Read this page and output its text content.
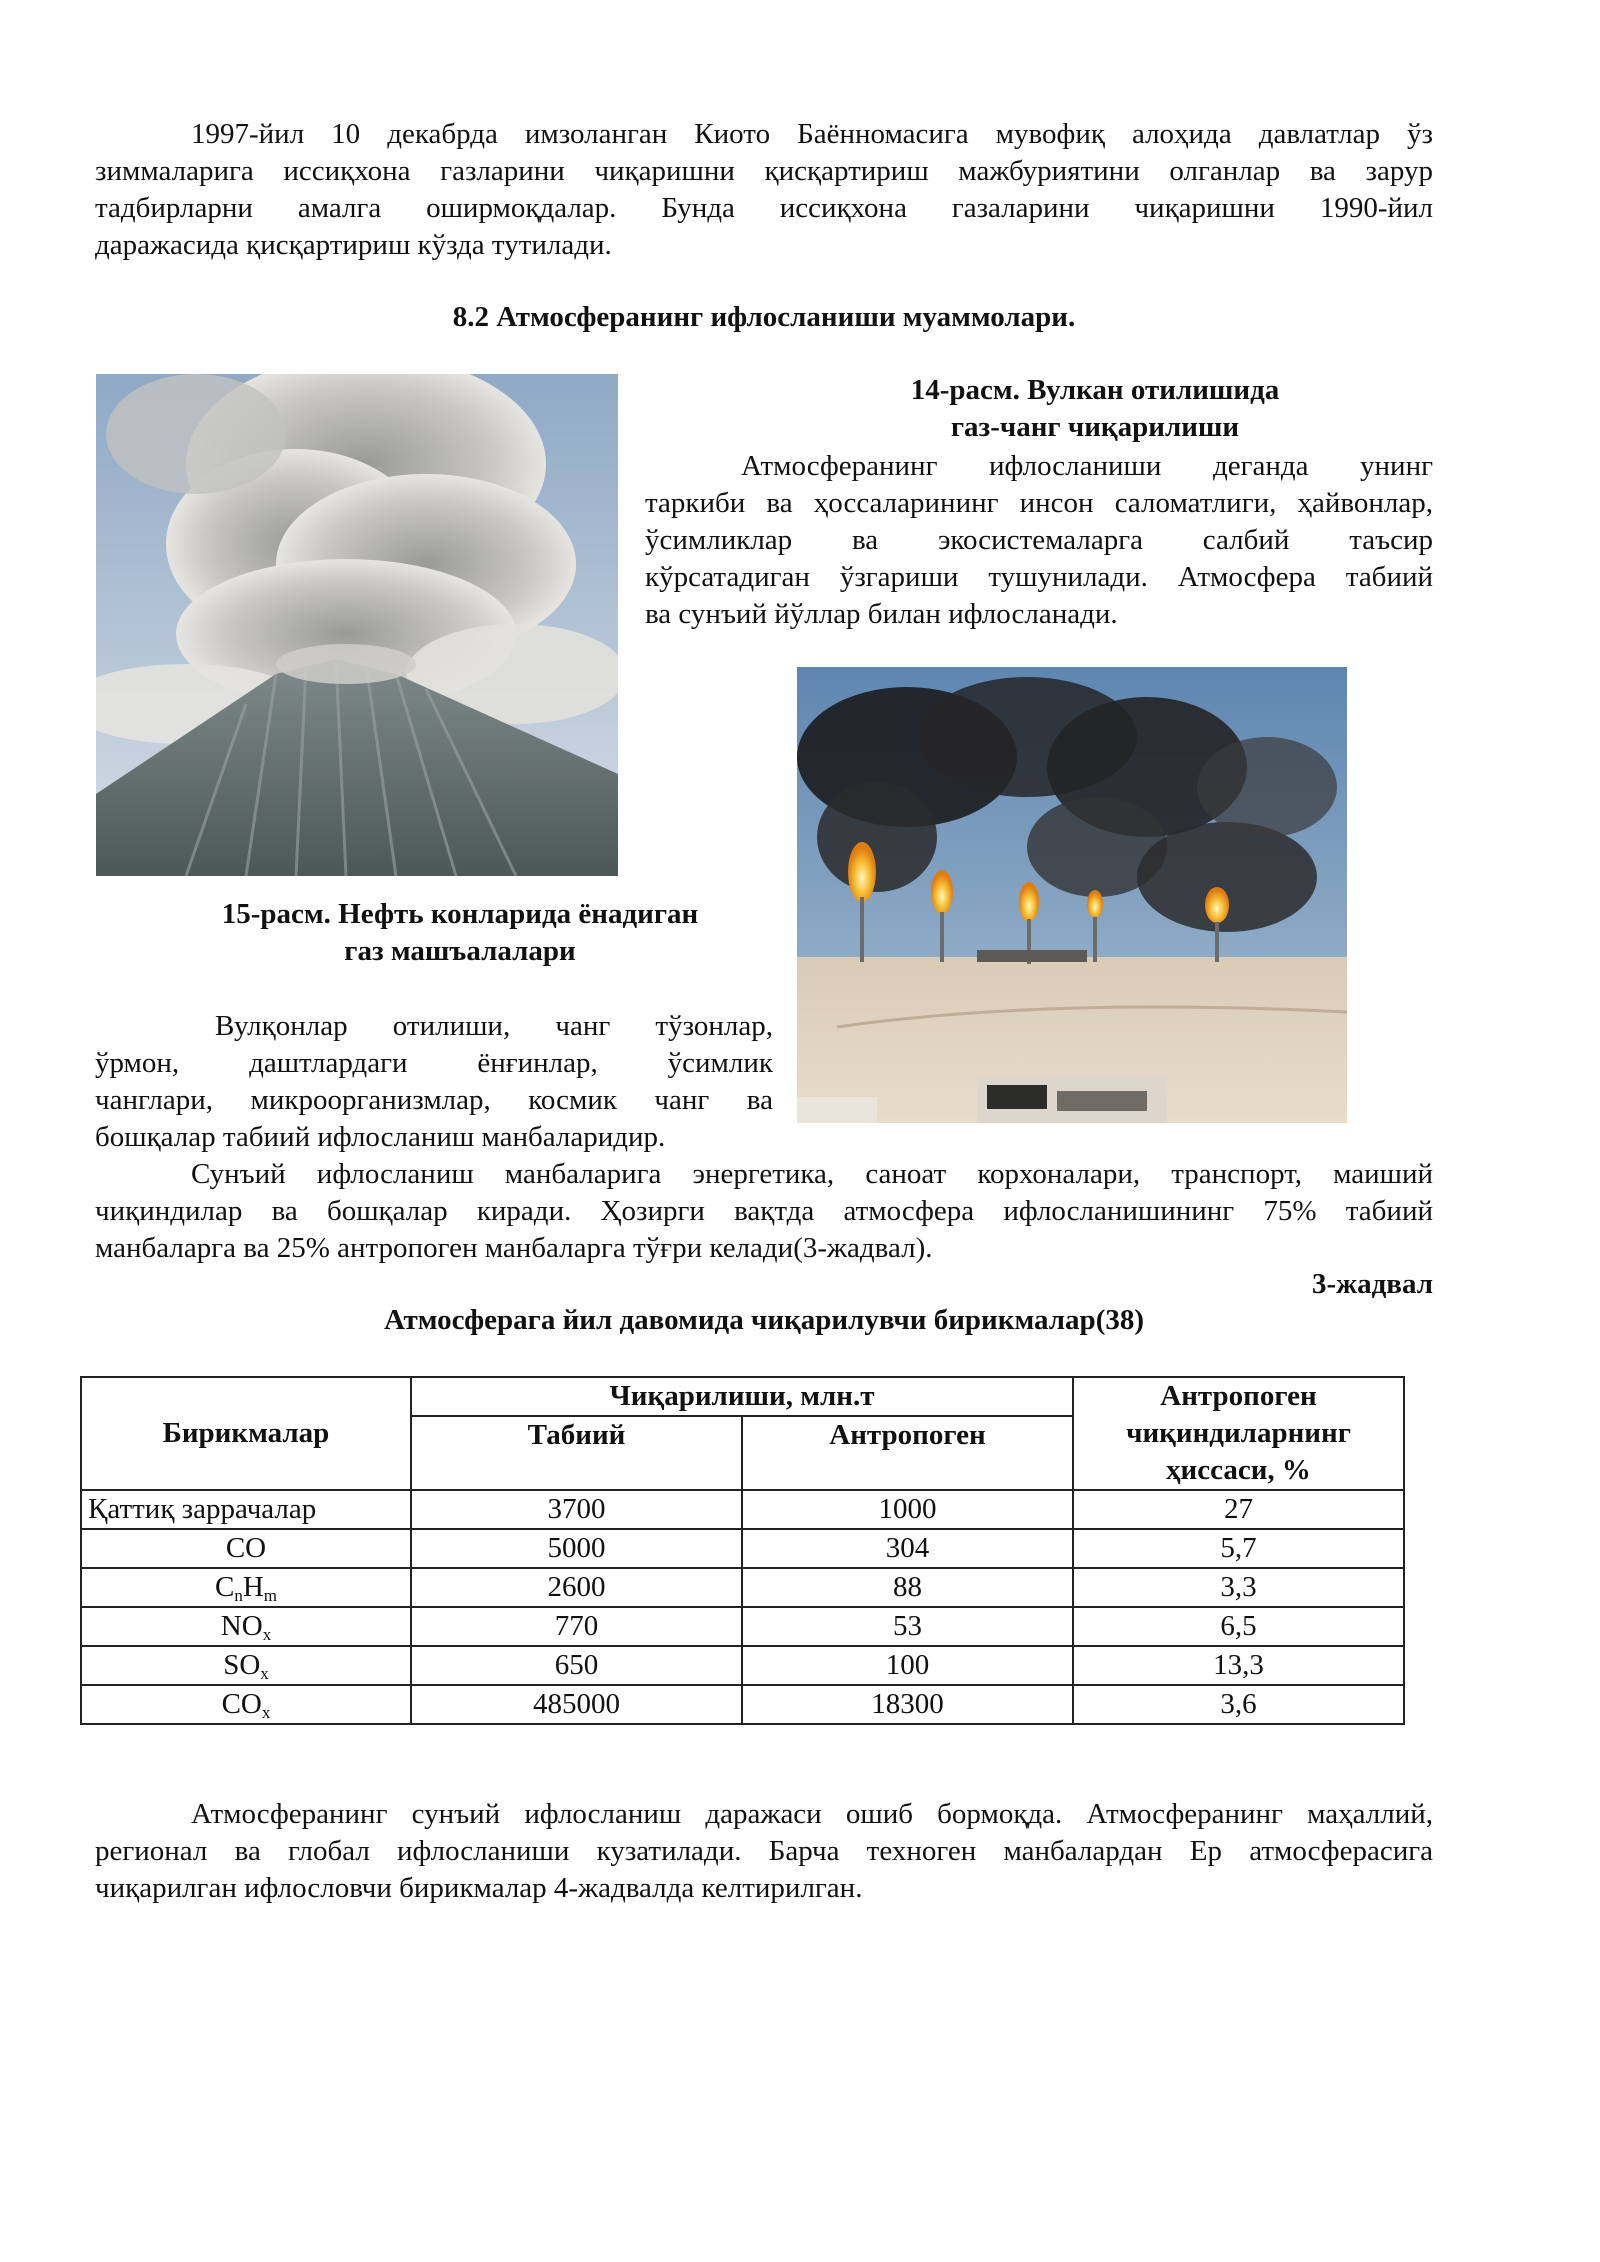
1997-йил 10 декабрда имзоланган Киото Баённомасига мувофиқ алоҳида давлатлар ўз
зиммаларига иссиқхона газларини чиқаришни қисқартириш мажбуриятини олганлар ва зарур
тадбирларни амалга оширмоқдалар. Бунда иссиқхона газаларини чиқаришни 1990-йил
даражасида қисқартириш кўзда тутилади.

8.2 Атмосферанинг ифлосланиши муаммолари.

14-расм. Вулкан отилишида
газ-чанг чиқарилиши
Атмосферанинг ифлосланиши деганда унинг
таркиби ва ҳоссаларининг инсон саломатлиги, ҳайвонлар,
ўсимликлар ва экосистемаларга салбий таъсир
кўрсатадиган ўзгариши тушунилади. Атмосфера табиий
ва сунъий йўллар билан ифлосланади.
15-расм. Нефть конларида ёнадиган
газ машъалалари
Вулқонлар отилиши, чанг тўзонлар,
ўрмон, даштлардаги ёнғинлар, ўсимлик
чанглари, микроорганизмлар, космик чанг ва
бошқалар табиий ифлосланиш манбаларидир.
Сунъий ифлосланиш манбаларига энергетика, саноат корхоналари, транспорт, маиший
чиқиндилар ва бошқалар киради. Ҳозирги вақтда атмосфера ифлосланишининг 75% табиий
манбаларга ва 25% антропоген манбаларга тўғри келади(3-жадвал).

3-жадвал

Атмосферага йил давомида чиқарилувчи бирикмалар(38)

Бирикмалар	Чиқарилиши, млн.т		Антропоген
чиқиндиларнинг
ҳиссаси, %

	Табиий	Антропоген	
Қаттиқ заррачалар	3700	1000	27
CO	5000	304	5,7
$C_nH_m$	2600	88	3,3
$NO_x$	770	53	6,5
$SO_x$	650	100	13,3
$CO_x$	485000	18300	3,6
Атмосферанинг сунъий ифлосланиш даражаси ошиб бормоқда. Атмосферанинг маҳаллий,
регионал ва глобал ифлосланиши кузатилади. Барча техноген манбалардан Ер атмосферасига
чиқарилган ифлословчи бирикмалар 4-жадвалда келтирилган.
